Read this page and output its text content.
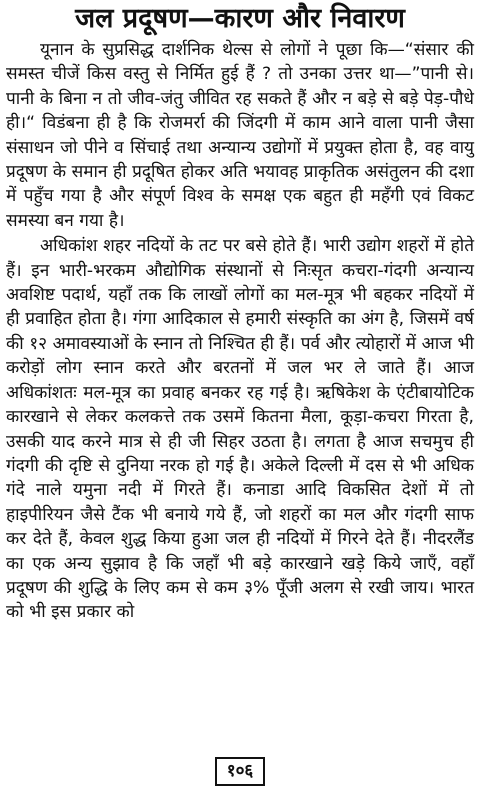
जल प्रदूषण—कारण और निवारण

यूनान के सुप्रसिद्ध दार्शनिक थेल्स से लोगों ने पूछा कि—“संसार की समस्त चीजें किस वस्तु से निर्मित हुई हैं ? तो उनका उत्तर था—”पानी से। पानी के बिना न तो जीव-जंतु जीवित रह सकते हैं और न बड़े से बड़े पेड़-पौधे ही।“ विडंबना ही है कि रोजमर्रा की जिंदगी में काम आने वाला पानी जैसा संसाधन जो पीने व सिंचाई तथा अन्यान्य उद्योगों में प्रयुक्त होता है, वह वायु प्रदूषण के समान ही प्रदूषित होकर अति भयावह प्राकृतिक असंतुलन की दशा में पहुँच गया है और संपूर्ण विश्व के समक्ष एक बहुत ही महँगी एवं विकट समस्या बन गया है।

अधिकांश शहर नदियों के तट पर बसे होते हैं। भारी उद्योग शहरों में होते हैं। इन भारी-भरकम औद्योगिक संस्थानों से निःसृत कचरा-गंदगी अन्यान्य अवशिष्ट पदार्थ, यहाँ तक कि लाखों लोगों का मल-मूत्र भी बहकर नदियों में ही प्रवाहित होता है। गंगा आदिकाल से हमारी संस्कृति का अंग है, जिसमें वर्ष की १२ अमावस्याओं के स्नान तो निश्चित ही हैं। पर्व और त्योहारों में आज भी करोड़ों लोग स्नान करते और बरतनों में जल भर ले जाते हैं। आज अधिकांशतः मल-मूत्र का प्रवाह बनकर रह गई है। ऋषिकेश के एंटीबायोटिक कारखाने से लेकर कलकत्ते तक उसमें कितना मैला, कूड़ा-कचरा गिरता है, उसकी याद करने मात्र से ही जी सिहर उठता है। लगता है आज सचमुच ही गंदगी की दृष्टि से दुनिया नरक हो गई है। अकेले दिल्ली में दस से भी अधिक गंदे नाले यमुना नदी में गिरते हैं। कनाडा आदि विकसित देशों में तो हाइपीरियन जैसे टैंक भी बनाये गये हैं, जो शहरों का मल और गंदगी साफ कर देते हैं, केवल शुद्ध किया हुआ जल ही नदियों में गिरने देते हैं। नीदरलैंड का एक अन्य सुझाव है कि जहाँ भी बड़े कारखाने खड़े किये जाएँ, वहाँ प्रदूषण की शुद्धि के लिए कम से कम ३% पूँजी अलग से रखी जाय। भारत को भी इस प्रकार को

१०६
